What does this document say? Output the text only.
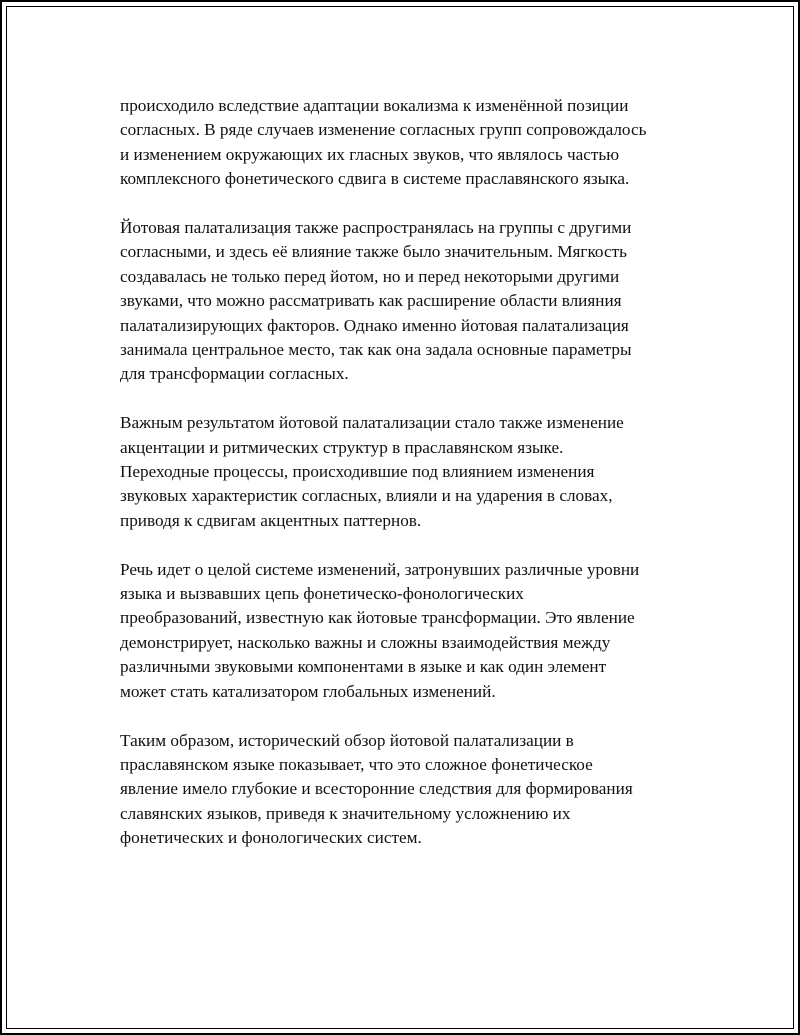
происходило вследствие адаптации вокализма к изменённой позиции
согласных. В ряде случаев изменение согласных групп сопровождалось
и изменением окружающих их гласных звуков, что являлось частью
комплексного фонетического сдвига в системе праславянского языка.

Йотовая палатализация также распространялась на группы с другими
согласными, и здесь её влияние также было значительным. Мягкость
создавалась не только перед йотом, но и перед некоторыми другими
звуками, что можно рассматривать как расширение области влияния
палатализирующих факторов. Однако именно йотовая палатализация
занимала центральное место, так как она задала основные параметры
для трансформации согласных.

Важным результатом йотовой палатализации стало также изменение
акцентации и ритмических структур в праславянском языке.
Переходные процессы, происходившие под влиянием изменения
звуковых характеристик согласных, влияли и на ударения в словах,
приводя к сдвигам акцентных паттернов.

Речь идет о целой системе изменений, затронувших различные уровни
языка и вызвавших цепь фонетическо-фонологических
преобразований, известную как йотовые трансформации. Это явление
демонстрирует, насколько важны и сложны взаимодействия между
различными звуковыми компонентами в языке и как один элемент
может стать катализатором глобальных изменений.

Таким образом, исторический обзор йотовой палатализации в
праславянском языке показывает, что это сложное фонетическое
явление имело глубокие и всесторонние следствия для формирования
славянских языков, приведя к значительному усложнению их
фонетических и фонологических систем.
